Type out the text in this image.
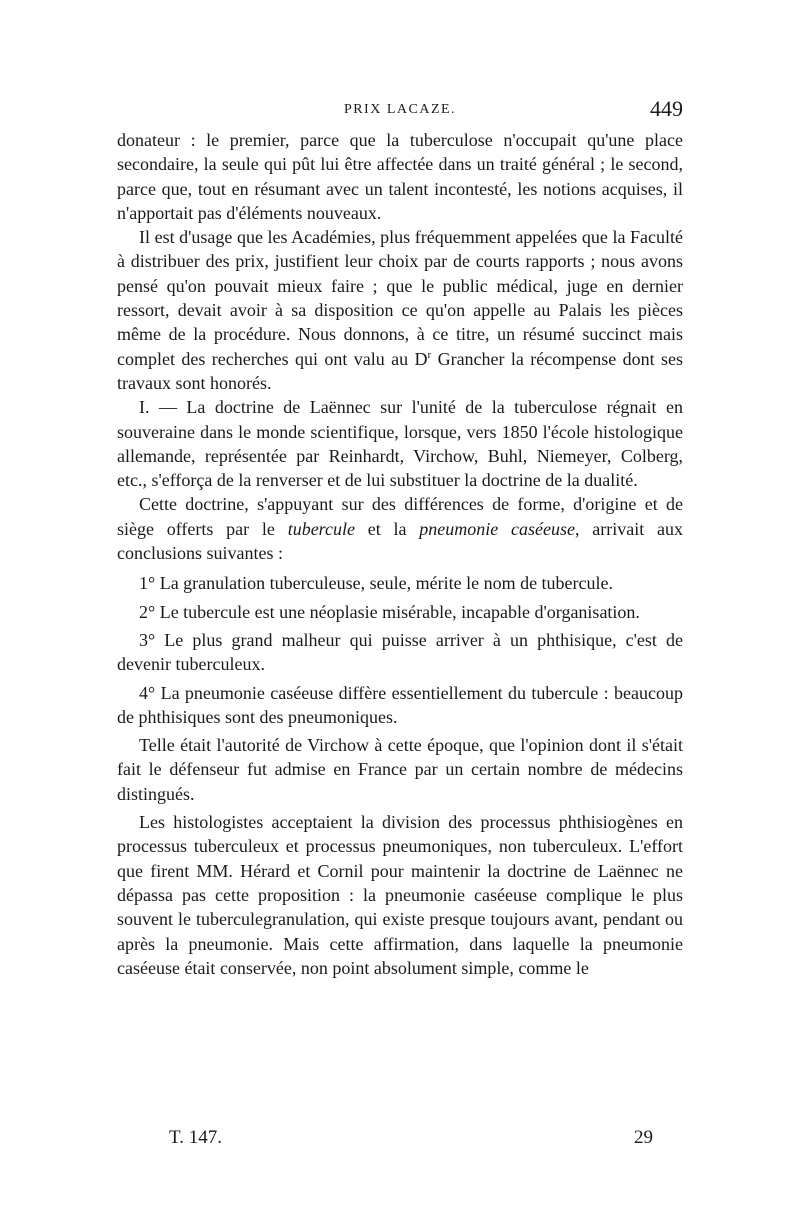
PRIX LACAZE.	449

donateur : le premier, parce que la tuberculose n'occupait qu'une place secondaire, la seule qui pût lui être affectée dans un traité général ; le second, parce que, tout en résumant avec un talent incontesté, les notions acquises, il n'apportait pas d'éléments nouveaux.

Il est d'usage que les Académies, plus fréquemment appelées que la Faculté à distribuer des prix, justifient leur choix par de courts rapports ; nous avons pensé qu'on pouvait mieux faire ; que le public médical, juge en dernier ressort, devait avoir à sa disposition ce qu'on appelle au Palais les pièces même de la procédure. Nous donnons, à ce titre, un résumé succinct mais complet des recherches qui ont valu au $D^r$ Grancher la récompense dont ses travaux sont honorés.

I. — La doctrine de Laënnec sur l'unité de la tuberculose régnait en souveraine dans le monde scientifique, lorsque, vers 1850 l'école histologique allemande, représentée par Reinhardt, Virchow, Buhl, Niemeyer, Colberg, etc., s'efforça de la renverser et de lui substituer la doctrine de la dualité.

Cette doctrine, s'appuyant sur des différences de forme, d'origine et de siège offerts par le tubercule et la pneumonie caséeuse, arrivait aux conclusions suivantes :

1° La granulation tuberculeuse, seule, mérite le nom de tubercule.

2° Le tubercule est une néoplasie misérable, incapable d'organisation.

3° Le plus grand malheur qui puisse arriver à un phthisique, c'est de devenir tuberculeux.

4° La pneumonie caséeuse diffère essentiellement du tubercule : beaucoup de phthisiques sont des pneumoniques.

Telle était l'autorité de Virchow à cette époque, que l'opinion dont il s'était fait le défenseur fut admise en France par un certain nombre de médecins distingués.

Les histologistes acceptaient la division des processus phthisiogènes en processus tuberculeux et processus pneumoniques, non tuberculeux. L'effort que firent MM. Hérard et Cornil pour maintenir la doctrine de Laënnec ne dépassa pas cette proposition : la pneumonie caséeuse complique le plus souvent le tuberculegranulation, qui existe presque toujours avant, pendant ou après la pneumonie. Mais cette affirmation, dans laquelle la pneumonie caséeuse était conservée, non point absolument simple, comme le

T. 147.	29
